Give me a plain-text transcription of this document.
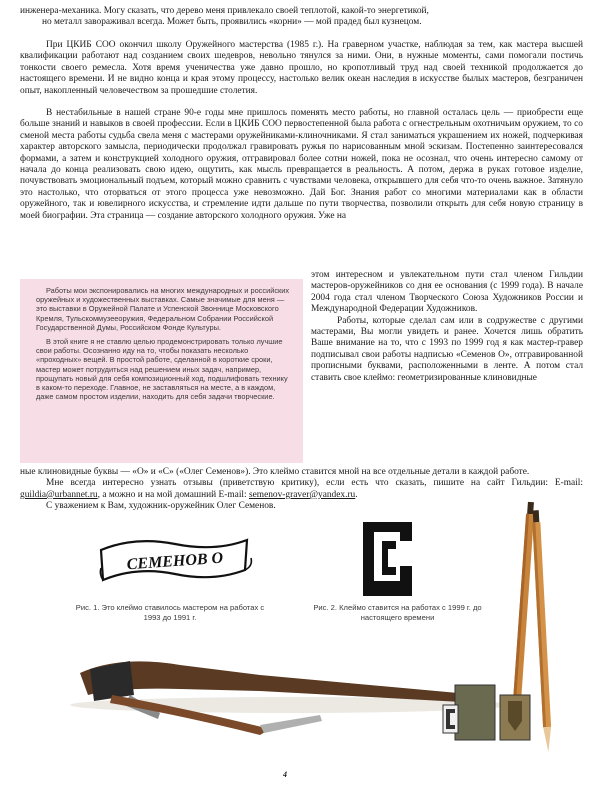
инженера-механика. Могу сказать, что дерево меня привлекало своей теплотой, какой-то энергетикой,

но металл завораживал всегда. Может быть, проявились «корни» — мой прадед был кузнецом.

При ЦКИБ СОО окончил школу Оружейного мастерства (1985 г.). На граверном участке, наблюдая за тем, как мастера высшей квалификации работают над созданием своих шедевров, невольно тянулся за ними. Они, в нужные моменты, сами помогали постичь тонкости своего ремесла. Хотя время ученичества уже давно прошло, но кропотливый труд над своей техникой продолжается до настоящего времени. И не видно конца и края этому процессу, настолько велик океан наследия в искусстве былых мастеров, безграничен опыт, накопленный человечеством за прошедшие столетия.

В нестабильные в нашей стране 90-е годы мне пришлось поменять место работы, но главной осталась цель — приобрести еще больше знаний и навыков в своей профессии. Если в ЦКИБ СОО первостепенной была работа с огнестрельным охотничьим оружием, то со сменой места работы судьба свела меня с мастерами оружейниками-клиночниками. Я стал заниматься украшением их ножей, подчеркивая характер авторского замысла, периодически продолжал гравировать ружья по нарисованным мной эскизам. Постепенно заинтересовался формами, а затем и конструкцией холодного оружия, отгравировал более сотни ножей, пока не осознал, что очень интересно самому от начала до конца реализовать свою идею, ощутить, как мысль превращается в реальность. А потом, держа в руках готовое изделие, почувствовать эмоциональный подъем, который можно сравнить с чувствами человека, открывшего для себя что-то очень важное. Затянуло это настолько, что оторваться от этого процесса уже невозможно. Дай Бог. Знания работ со многими материалами как в области оружейного, так и ювелирного искусства, и стремление идти дальше по пути творчества, позволили открыть для себя новую страницу в моей биографии. Эта страница — создание авторского холодного оружия. Уже на

Работы мои экспонировались на многих международных и российских оружейных и художественных выставках. Самые значимые для меня — это выставки в Оружейной Палате и Успенской Звоннице Московского Кремля, Тульскоммузееоружия, Федеральном Собрании Российской Государственной Думы, Российском Фонде Культуры.

В этой книге я не ставлю целью продемонстрировать только лучшие свои работы. Осознанно иду на то, чтобы показать несколько «проходных» вещей. В простой работе, сделанной в короткие сроки, мастер может потрудиться над решением иных задач, например, прощупать новый для себя композиционный ход, подшлифовать технику в каком-то переходе. Главное, не заставляться на месте, а в каждом, даже самом простом изделии, находить для себя задачи творческие.

этом интересном и увлекательном пути стал членом Гильдии мастеров-оружейников со дня ее основания (с 1999 года). В начале 2004 года стал членом Творческого Союза Художников России и Международной Федерации Художников.

Работы, которые сделал сам или в содружестве с другими мастерами, Вы могли увидеть и ранее. Хочется лишь обратить Ваше внимание на то, что с 1993 по 1999 год я как мастер-гравер подписывал свои работы надписью «Семенов О», отгравированной прописными буквами, расположенными в ленте. А потом стал ставить свое клеймо: геометризированные клиновидные

ные клиновидные буквы — «О» и «С» («Олег Семенов»). Это клеймо ставится мной на все отдельные детали в каждой работе.

Мне всегда интересно узнать отзывы (приветствую критику), если есть что сказать, пишите на сайт Гильдии: E-mail: guildia@urbannet.ru, а можно и на мой домашний E-mail: semenov-graver@yandex.ru.

С уважением к Вам, художник-оружейник Олег Семенов.

СЕМЕНОВ О
Рис. 1. Это клеймо ставилось мастером на работах с 1993 до 1991 г.
Рис. 2. Клеймо ставится на работах с 1999 г. до настоящего времени
4
